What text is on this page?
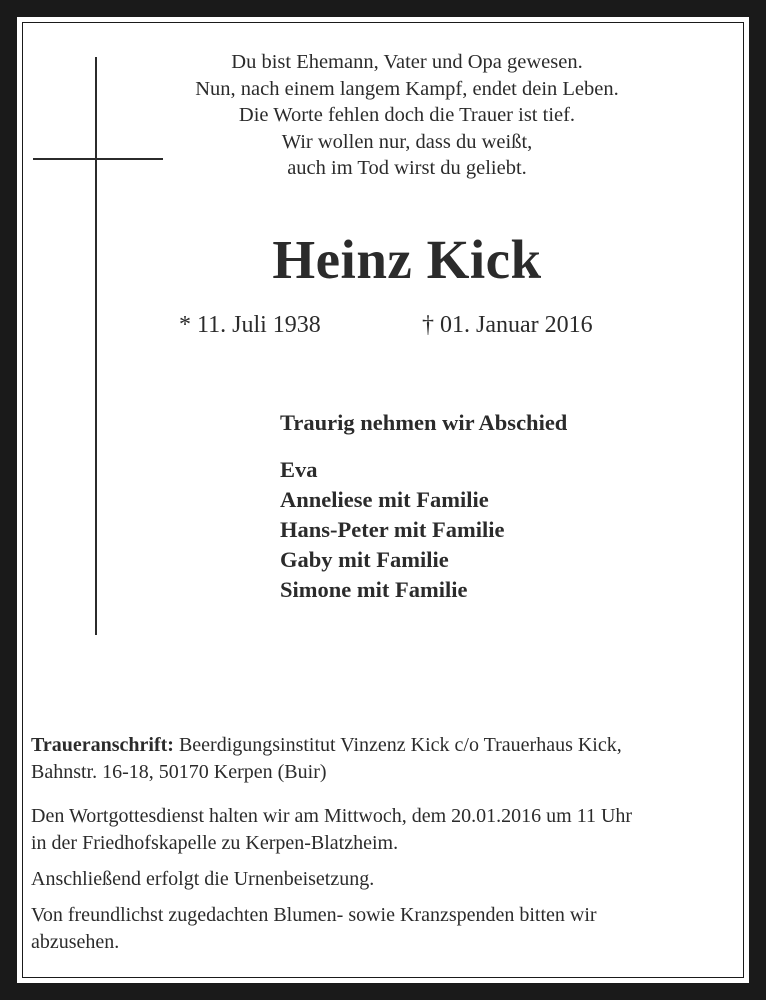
Du bist Ehemann, Vater und Opa gewesen.
Nun, nach einem langem Kampf, endet dein Leben.
Die Worte fehlen doch die Trauer ist tief.
Wir wollen nur, dass du weißt,
auch im Tod wirst du geliebt.
Heinz Kick
* 11. Juli 1938	† 01. Januar 2016
Traurig nehmen wir Abschied
Eva
Anneliese mit Familie
Hans-Peter mit Familie
Gaby mit Familie
Simone mit Familie
Traueranschrift: Beerdigungsinstitut Vinzenz Kick c/o Trauerhaus Kick,
Bahnstr. 16-18, 50170 Kerpen (Buir)

Den Wortgottesdienst halten wir am Mittwoch, dem 20.01.2016 um 11 Uhr
in der Friedhofskapelle zu Kerpen-Blatzheim.

Anschließend erfolgt die Urnenbeisetzung.

Von freundlichst zugedachten Blumen- sowie Kranzspenden bitten wir
abzusehen.
